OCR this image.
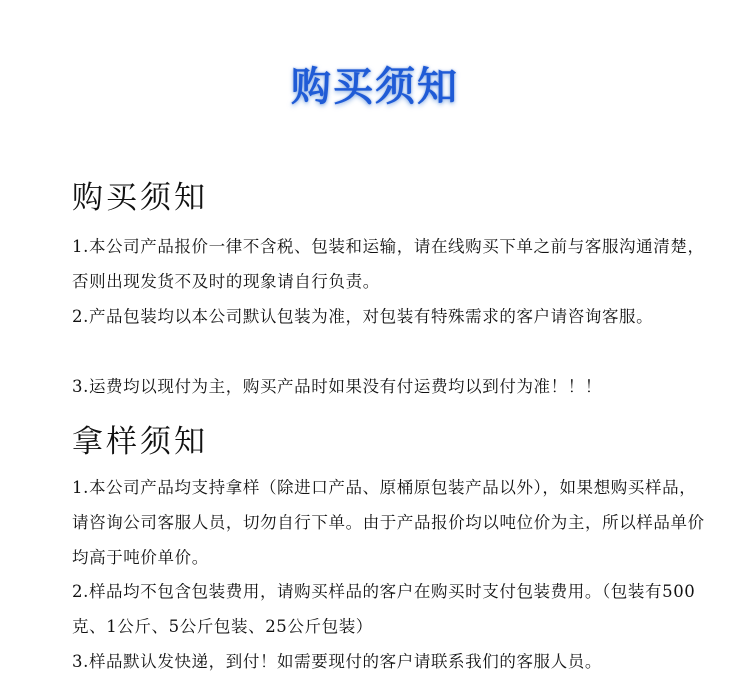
购买须知
购买须知
1.本公司产品报价一律不含税、包装和运输，请在线购买下单之前与客服沟通清楚，否则出现发货不及时的现象请自行负责。
2.产品包装均以本公司默认包装为准，对包装有特殊需求的客户请咨询客服。
3.运费均以现付为主，购买产品时如果没有付运费均以到付为准！！！
拿样须知
1.本公司产品均支持拿样（除进口产品、原桶原包装产品以外），如果想购买样品，请咨询公司客服人员，切勿自行下单。由于产品报价均以吨位价为主，所以样品单价均高于吨价单价。
2.样品均不包含包装费用，请购买样品的客户在购买时支付包装费用。（包装有500克、1公斤、5公斤包装、25公斤包装）
3.样品默认发快递，到付！如需要现付的客户请联系我们的客服人员。
